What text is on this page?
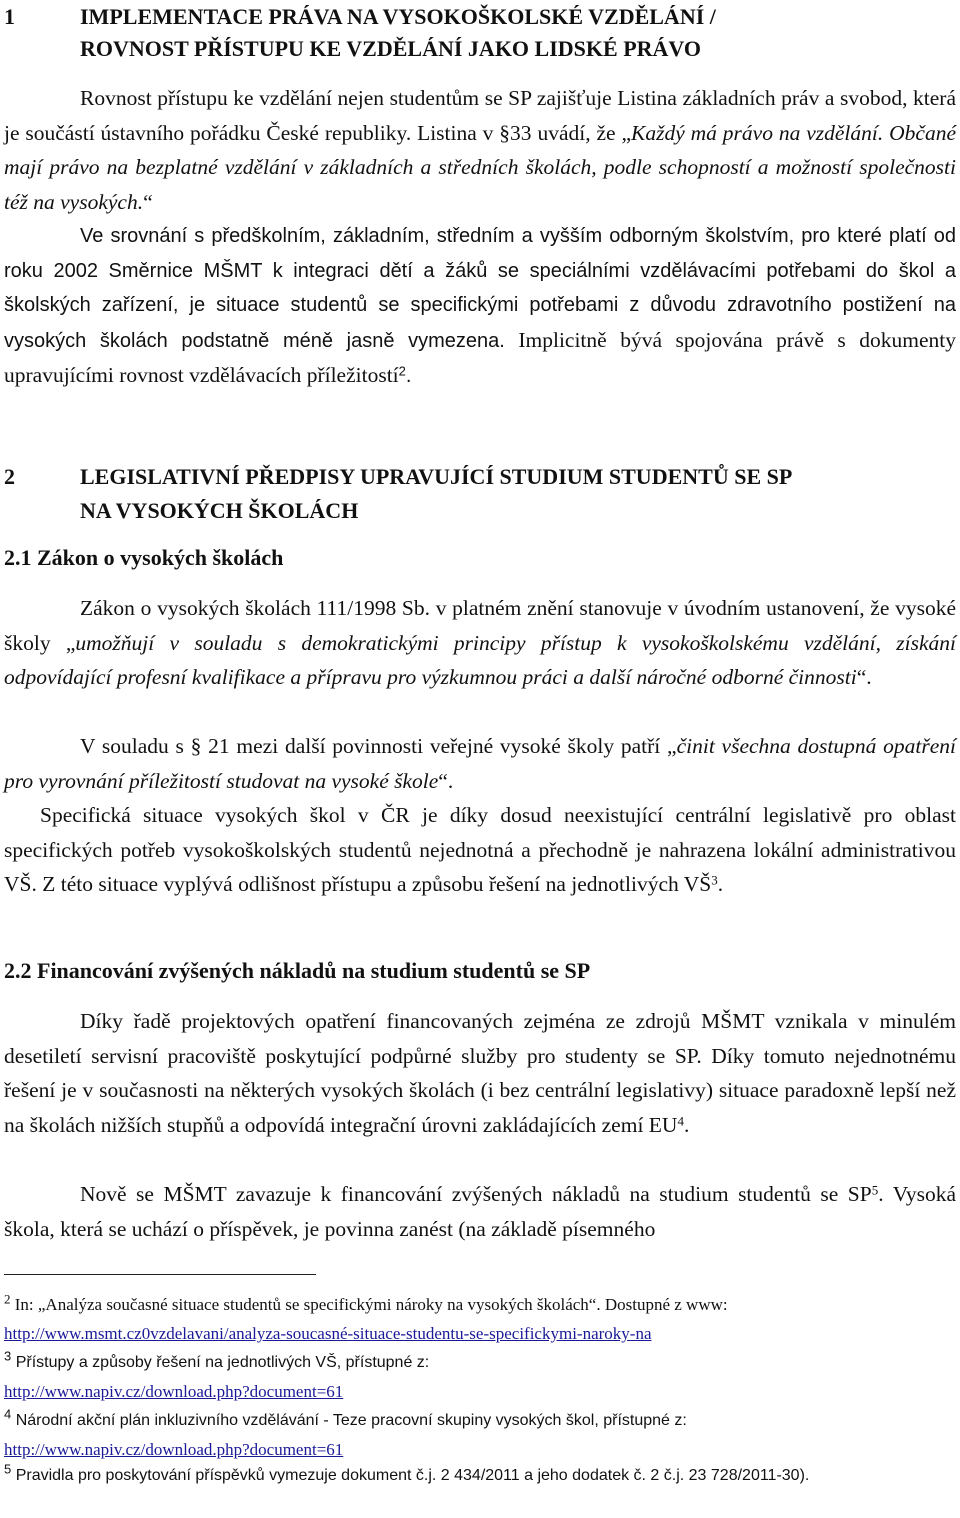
1	IMPLEMENTACE PRÁVA NA VYSOKOŠKOLSKÉ VZDĚLÁNÍ /
ROVNOST PŘÍSTUPU KE VZDĚLÁNÍ JAKO LIDSKÉ PRÁVO
Rovnost přístupu ke vzdělání nejen studentům se SP zajišťuje Listina základních práv a svobod, která je součástí ústavního pořádku České republiky. Listina v §33 uvádí, že „Každý má právo na vzdělání. Občané mají právo na bezplatné vzdělání v základních a středních školách, podle schopností a možností společnosti též na vysokých.“
Ve srovnání s předškolním, základním, středním a vyšším odborným školstvím, pro které platí od roku 2002 Směrnice MŠMT k integraci dětí a žáků se speciálními vzdělávacími potřebami do škol a školských zařízení, je situace studentů se specifickými potřebami z důvodu zdravotního postižení na vysokých školách podstatně méně jasně vymezena. Implicitně bývá spojována právě s dokumenty upravujícími rovnost vzdělávacích příležitostí$^2$.
2	LEGISLATIVNÍ PŘEDPISY UPRAVUJÍCÍ STUDIUM STUDENTŮ SE SP
NA VYSOKÝCH ŠKOLÁCH
2.1 Zákon o vysokých školách
Zákon o vysokých školách 111/1998 Sb. v platném znění stanovuje v úvodním ustanovení, že vysoké školy „umožňují v souladu s demokratickými principy přístup k vysokoškolskému vzdělání, získání odpovídající profesní kvalifikace a přípravu pro výzkumnou práci a další náročné odborné činnosti“.
V souladu s § 21 mezi další povinnosti veřejné vysoké školy patří „činit všechna dostupná opatření pro vyrovnání příležitostí studovat na vysoké škole“.
Specifická situace vysokých škol v ČR je díky dosud neexistující centrální legislativě pro oblast specifických potřeb vysokoškolských studentů nejednotná a přechodně je nahrazena lokální administrativou VŠ. Z této situace vyplývá odlišnost přístupu a způsobu řešení na jednotlivých $VŠ^3$.
2.2 Financování zvýšených nákladů na studium studentů se SP
Díky řadě projektových opatření financovaných zejména ze zdrojů MŠMT vznikala v minulém desetiletí servisní pracoviště poskytující podpůrné služby pro studenty se SP. Díky tomuto nejednotnému řešení je v současnosti na některých vysokých školách (i bez centrální legislativy) situace paradoxně lepší než na školách nižších stupňů a odpovídá integrační úrovni zakládajících zemí $EU^4$.
Nově se MŠMT zavazuje k financování zvýšených nákladů na studium studentů se $SP^5$. Vysoká škola, která se uchází o příspěvek, je povinna zanést (na základě písemného
$^2$ In: „Analýza současné situace studentů se specifickými nároky na vysokých školách“. Dostupné z www:
http://www.msmt.cz0vzdelavani/analyza-soucasné-situace-studentu-se-specifickymi-naroky-na
$^3$ Přístupy a způsoby řešení na jednotlivých VŠ, přístupné z:
http://www.napiv.cz/download.php?document=61
$^4$ Národní akční plán inkluzivního vzdělávání - Teze pracovní skupiny vysokých škol, přístupné z:
http://www.napiv.cz/download.php?document=61
$^5$ Pravidla pro poskytování příspěvků vymezuje dokument č.j. 2 434/2011 a jeho dodatek č. 2 č.j. 23 728/2011-30).
